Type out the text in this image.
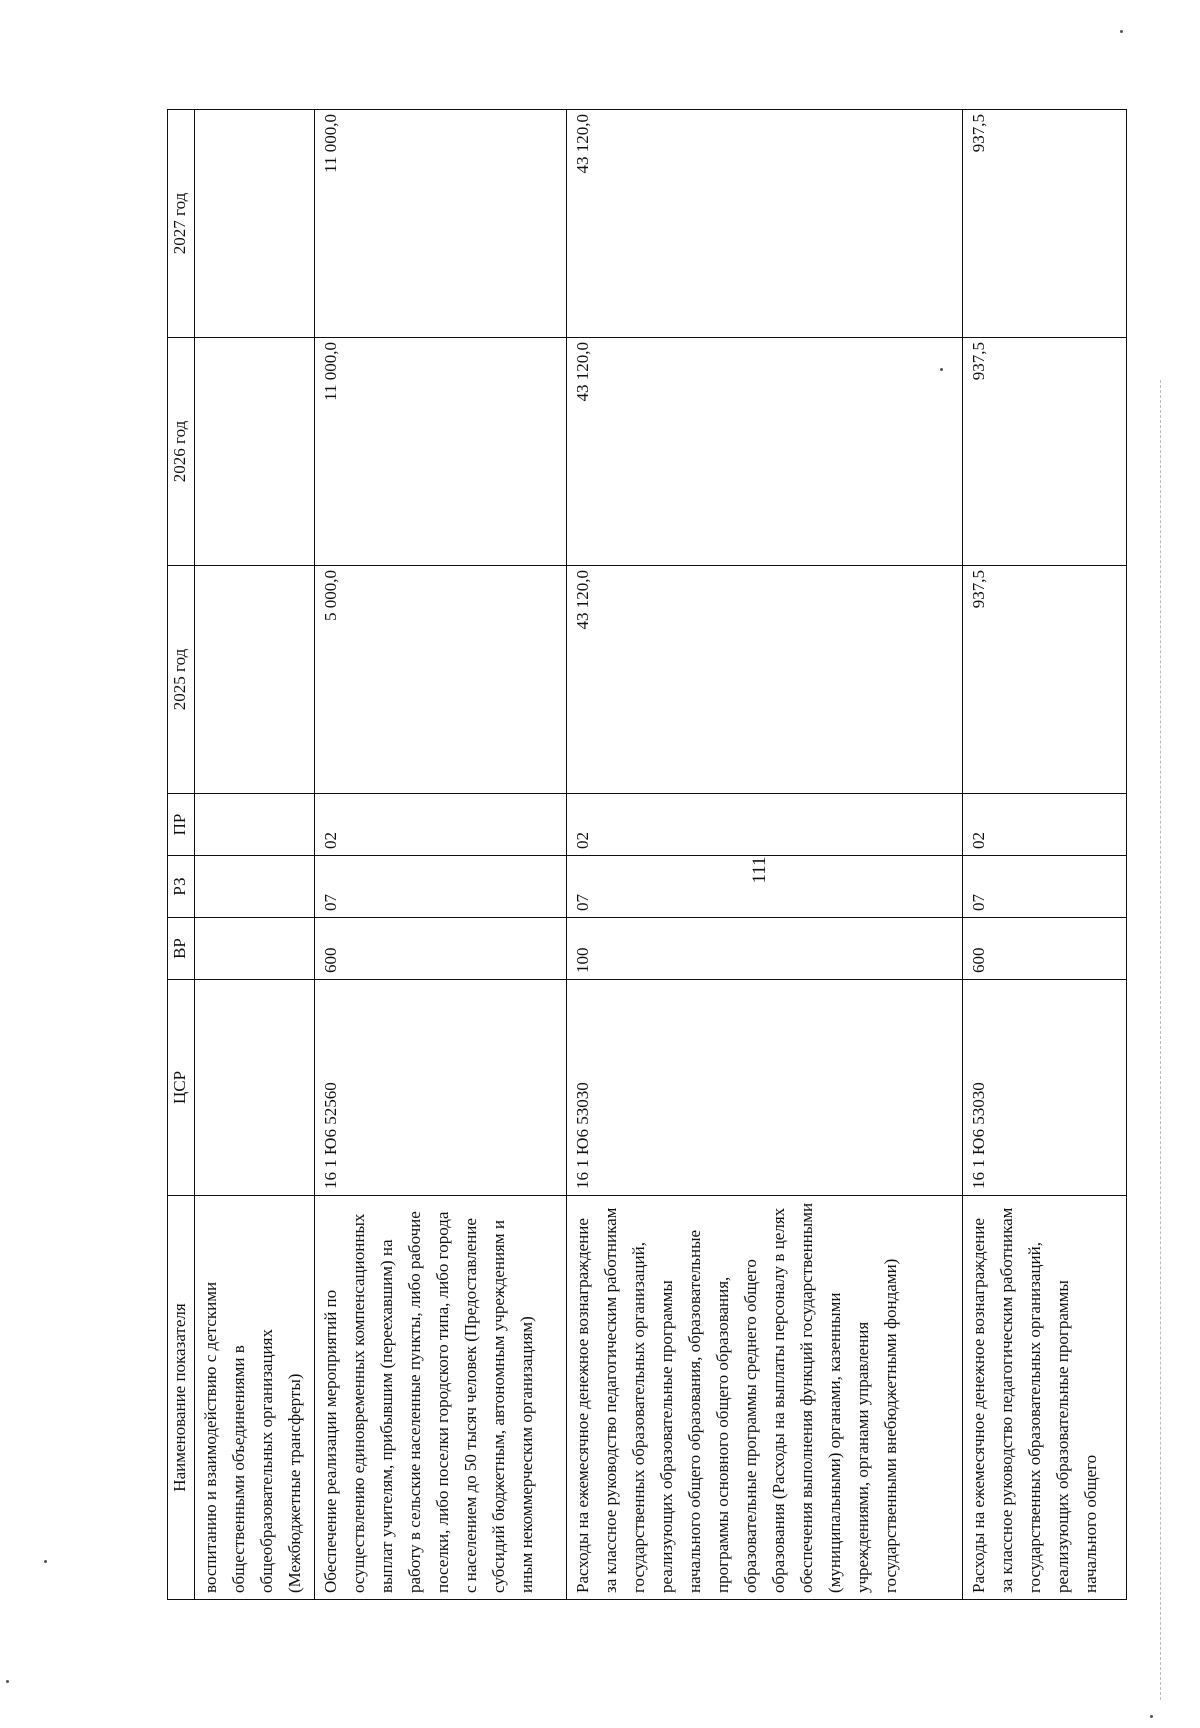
111
Наименование показателя	ЦСР	ВР	РЗ	ПР	2025 год	2026 год	2027 год
воспитанию и взаимодействию с детскими общественными объединениями в общеобразовательных организациях (Межбюджетные трансферты)							
Обеспечение реализации мероприятий по осуществлению единовременных компенсационных выплат учителям, прибывшим (переехавшим) на работу в сельские населенные пункты, либо рабочие поселки, либо поселки городского типа, либо города с населением до 50 тысяч человек (Предоставление субсидий бюджетным, автономным учреждениям и иным некоммерческим организациям)	16 1 Ю6 52560	600	07	02	5 000,0	11 000,0	11 000,0
Расходы на ежемесячное денежное вознаграждение за классное руководство педагогическим работникам государственных образовательных организаций, реализующих образовательные программы начального общего образования, образовательные программы основного общего образования, образовательные программы среднего общего образования (Расходы на выплаты персоналу в целях обеспечения выполнения функций государственными (муниципальными) органами, казенными учреждениями, органами управления государственными внебюджетными фондами)	16 1 Ю6 53030	100	07	02	43 120,0	43 120,0	43 120,0
Расходы на ежемесячное денежное вознаграждение за классное руководство педагогическим работникам государственных образовательных организаций, реализующих образовательные программы начального общего	16 1 Ю6 53030	600	07	02	937,5	937,5	937,5
